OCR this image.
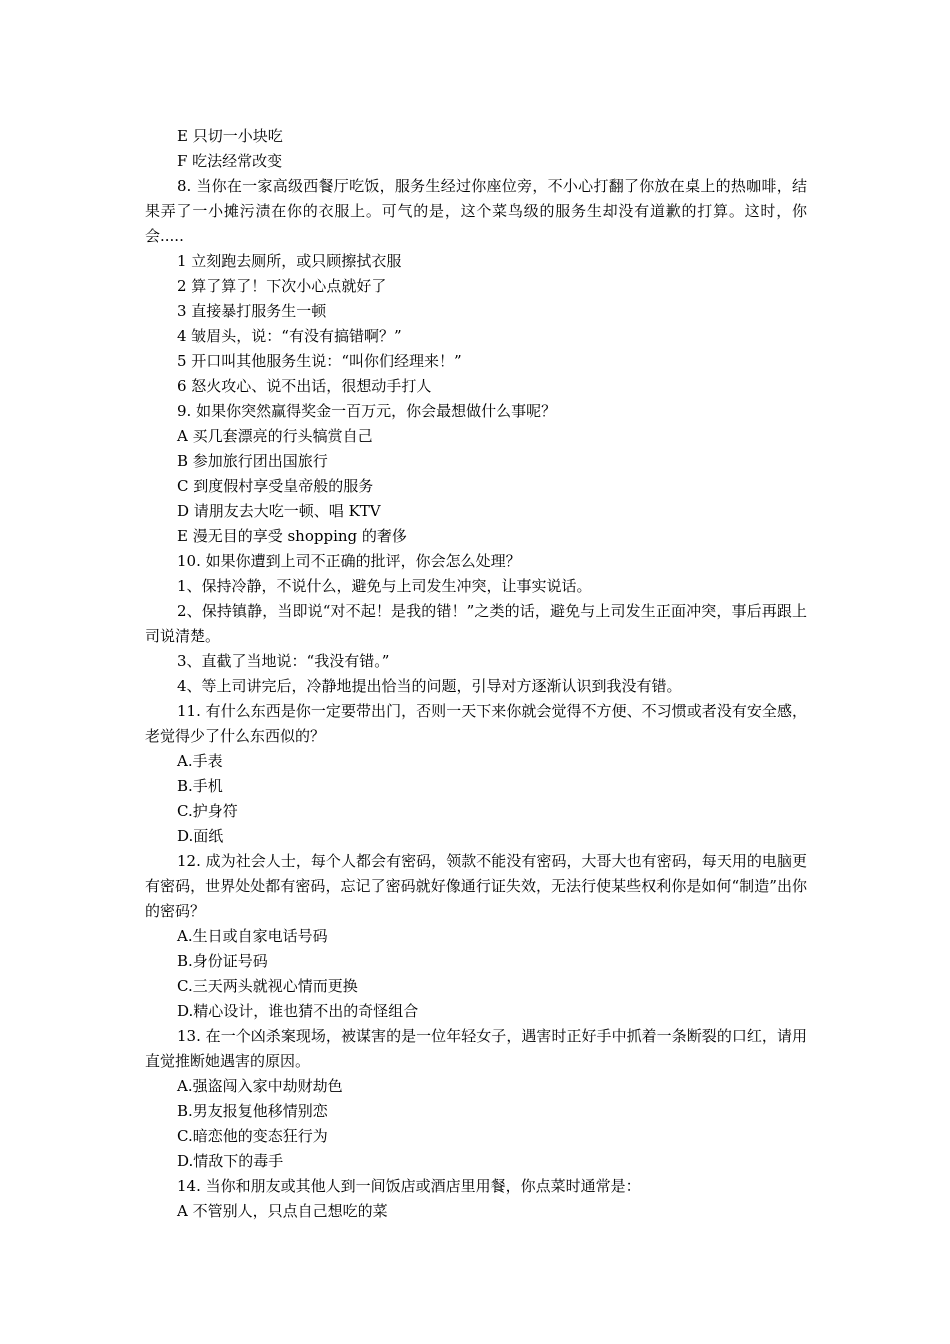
E 只切一小块吃

F 吃法经常改变

8. 当你在一家高级西餐厅吃饭，服务生经过你座位旁，不小心打翻了你放在桌上的热咖啡，结果弄了一小摊污渍在你的衣服上。可气的是，这个菜鸟级的服务生却没有道歉的打算。这时，你会.....

1 立刻跑去厕所，或只顾擦拭衣服

2 算了算了！下次小心点就好了

3 直接暴打服务生一顿

4 皱眉头，说：“有没有搞错啊？”

5 开口叫其他服务生说：“叫你们经理来！”

6 怒火攻心、说不出话，很想动手打人

9. 如果你突然赢得奖金一百万元，你会最想做什么事呢？

A 买几套漂亮的行头犒赏自己

B 参加旅行团出国旅行

C 到度假村享受皇帝般的服务

D 请朋友去大吃一顿、唱 KTV

E 漫无目的享受 shopping 的奢侈

10. 如果你遭到上司不正确的批评，你会怎么处理？

1、保持冷静，不说什么，避免与上司发生冲突，让事实说话。

2、保持镇静，当即说“对不起！是我的错！”之类的话，避免与上司发生正面冲突，事后再跟上司说清楚。

3、直截了当地说：“我没有错。”

4、等上司讲完后，冷静地提出恰当的问题，引导对方逐渐认识到我没有错。

11. 有什么东西是你一定要带出门，否则一天下来你就会觉得不方便、不习惯或者没有安全感，老觉得少了什么东西似的？

A.手表

B.手机

C.护身符

D.面纸

12. 成为社会人士，每个人都会有密码，领款不能没有密码，大哥大也有密码，每天用的电脑更有密码，世界处处都有密码，忘记了密码就好像通行证失效，无法行使某些权利你是如何“制造”出你的密码？

A.生日或自家电话号码

B.身份证号码

C.三天两头就视心情而更换

D.精心设计，谁也猜不出的奇怪组合

13. 在一个凶杀案现场，被谋害的是一位年轻女子，遇害时正好手中抓着一条断裂的口红，请用直觉推断她遇害的原因。

A.强盗闯入家中劫财劫色

B.男友报复他移情别恋

C.暗恋他的变态狂行为

D.情敌下的毒手

14. 当你和朋友或其他人到一间饭店或酒店里用餐，你点菜时通常是：

A 不管别人，只点自己想吃的菜
